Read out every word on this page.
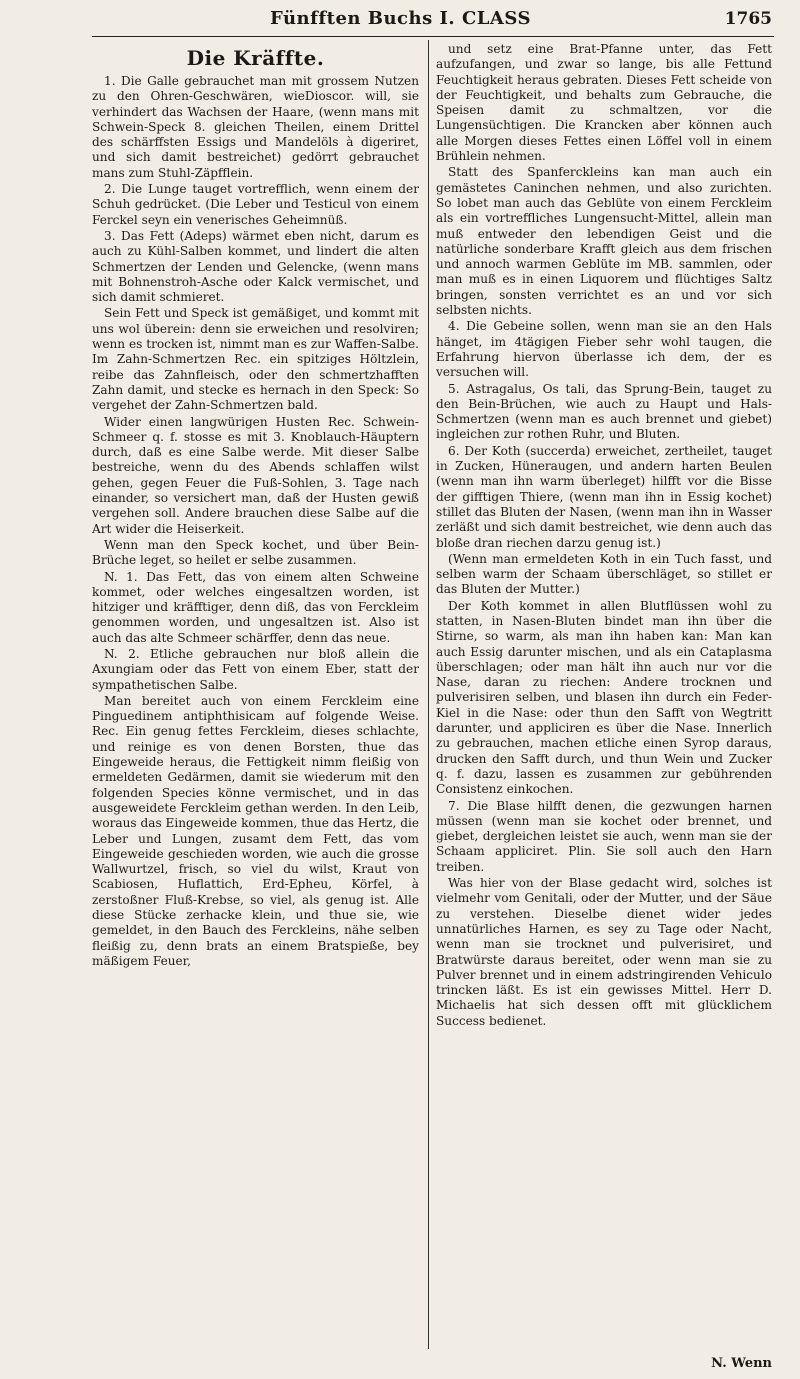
Fünfften Buchs I. CLASS	1765
Die Kräffte.

1. Die Galle gebrauchet man mit grossem Nutzen zu den Ohren-Geschwären, wieDioscor. will, sie verhindert das Wachsen der Haare, (wenn mans mit Schwein-Speck 8. gleichen Theilen, einem Drittel des schärffsten Essigs und Mandelöls à digeriret, und sich damit bestreichet) gedörrt gebrauchet mans zum Stuhl-Zäpfflein.

2. Die Lunge tauget vortrefflich, wenn einem der Schuh gedrücket. (Die Leber und Testicul von einem Ferckel seyn ein venerisches Geheimnüß.

3. Das Fett (Adeps) wärmet eben nicht, darum es auch zu Kühl-Salben kommet, und lindert die alten Schmertzen der Lenden und Gelencke, (wenn mans mit Bohnenstroh-Asche oder Kalck vermischet, und sich damit schmieret.

Sein Fett und Speck ist gemäßiget, und kommt mit uns wol überein: denn sie erweichen und resolviren; wenn es trocken ist, nimmt man es zur Waffen-Salbe. Im Zahn-Schmertzen Rec. ein spitziges Höltzlein, reibe das Zahnfleisch, oder den schmertzhafften Zahn damit, und stecke es hernach in den Speck: So vergehet der Zahn-Schmertzen bald.

Wider einen langwürigen Husten Rec. Schwein-Schmeer q. f. stosse es mit 3. Knoblauch-Häuptern durch, daß es eine Salbe werde. Mit dieser Salbe bestreiche, wenn du des Abends schlaffen wilst gehen, gegen Feuer die Fuß-Sohlen, 3. Tage nach einander, so versichert man, daß der Husten gewiß vergehen soll. Andere brauchen diese Salbe auf die Art wider die Heiserkeit.

Wenn man den Speck kochet, und über Bein-Brüche leget, so heilet er selbe zusammen.

N. 1. Das Fett, das von einem alten Schweine kommet, oder welches eingesaltzen worden, ist hitziger und kräfftiger, denn diß, das von Ferckleim genommen worden, und ungesaltzen ist. Also ist auch das alte Schmeer schärffer, denn das neue.

N. 2. Etliche gebrauchen nur bloß allein die Axungiam oder das Fett von einem Eber, statt der sympathetischen Salbe.

Man bereitet auch von einem Ferckleim eine Pinguedinem antiphthisicam auf folgende Weise. Rec. Ein genug fettes Ferckleim, dieses schlachte, und reinige es von denen Borsten, thue das Eingeweide heraus, die Fettigkeit nimm fleißig von ermeldeten Gedärmen, damit sie wiederum mit den folgenden Species könne vermischet, und in das ausgeweidete Ferckleim gethan werden. In den Leib, woraus das Eingeweide kommen, thue das Hertz, die Leber und Lungen, zusamt dem Fett, das vom Eingeweide geschieden worden, wie auch die grosse Wallwurtzel, frisch, so viel du wilst, Kraut von Scabiosen, Huflattich, Erd-Epheu, Körfel, à zerstoßner Fluß-Krebse, so viel, als genug ist. Alle diese Stücke zerhacke klein, und thue sie, wie gemeldet, in den Bauch des Ferckleins, nähe selben fleißig zu, denn brats an einem Bratspieße, bey mäßigem Feuer,

und setz eine Brat-Pfanne unter, das Fett aufzufangen, und zwar so lange, bis alle Fettund Feuchtigkeit heraus gebraten. Dieses Fett scheide von der Feuchtigkeit, und behalts zum Gebrauche, die Speisen damit zu schmaltzen, vor die Lungensüchtigen. Die Krancken aber können auch alle Morgen dieses Fettes einen Löffel voll in einem Brühlein nehmen.

Statt des Spanferckleins kan man auch ein gemästetes Caninchen nehmen, und also zurichten. So lobet man auch das Geblüte von einem Ferckleim als ein vortreffliches Lungensucht-Mittel, allein man muß entweder den lebendigen Geist und die natürliche sonderbare Krafft gleich aus dem frischen und annoch warmen Geblüte im MB. sammlen, oder man muß es in einen Liquorem und flüchtiges Saltz bringen, sonsten verrichtet es an und vor sich selbsten nichts.

4. Die Gebeine sollen, wenn man sie an den Hals hänget, im 4tägigen Fieber sehr wohl taugen, die Erfahrung hiervon überlasse ich dem, der es versuchen will.

5. Astragalus, Os tali, das Sprung-Bein, tauget zu den Bein-Brüchen, wie auch zu Haupt und Hals-Schmertzen (wenn man es auch brennet und giebet) ingleichen zur rothen Ruhr, und Bluten.

6. Der Koth (succerda) erweichet, zertheilet, tauget in Zucken, Hüneraugen, und andern harten Beulen (wenn man ihn warm überleget) hilfft vor die Bisse der gifftigen Thiere, (wenn man ihn in Essig kochet) stillet das Bluten der Nasen, (wenn man ihn in Wasser zerläßt und sich damit bestreichet, wie denn auch das bloße dran riechen darzu genug ist.)

(Wenn man ermeldeten Koth in ein Tuch fasst, und selben warm der Schaam überschläget, so stillet er das Bluten der Mutter.)

Der Koth kommet in allen Blutflüssen wohl zu statten, in Nasen-Bluten bindet man ihn über die Stirne, so warm, als man ihn haben kan: Man kan auch Essig darunter mischen, und als ein Cataplasma überschlagen; oder man hält ihn auch nur vor die Nase, daran zu riechen: Andere trocknen und pulverisiren selben, und blasen ihn durch ein Feder-Kiel in die Nase: oder thun den Safft von Wegtritt darunter, und appliciren es über die Nase. Innerlich zu gebrauchen, machen etliche einen Syrop daraus, drucken den Safft durch, und thun Wein und Zucker q. f. dazu, lassen es zusammen zur gebührenden Consistenz einkochen.

7. Die Blase hilfft denen, die gezwungen harnen müssen (wenn man sie kochet oder brennet, und giebet, dergleichen leistet sie auch, wenn man sie der Schaam appliciret. Plin. Sie soll auch den Harn treiben.

Was hier von der Blase gedacht wird, solches ist vielmehr vom Genitali, oder der Mutter, und der Säue zu verstehen. Dieselbe dienet wider jedes unnatürliches Harnen, es sey zu Tage oder Nacht, wenn man sie trocknet und pulverisiret, und Bratwürste daraus bereitet, oder wenn man sie zu Pulver brennet und in einem adstringirenden Vehiculo trincken läßt. Es ist ein gewisses Mittel. Herr D. Michaelis hat sich dessen offt mit glücklichem Success bedienet.

N. Wenn
